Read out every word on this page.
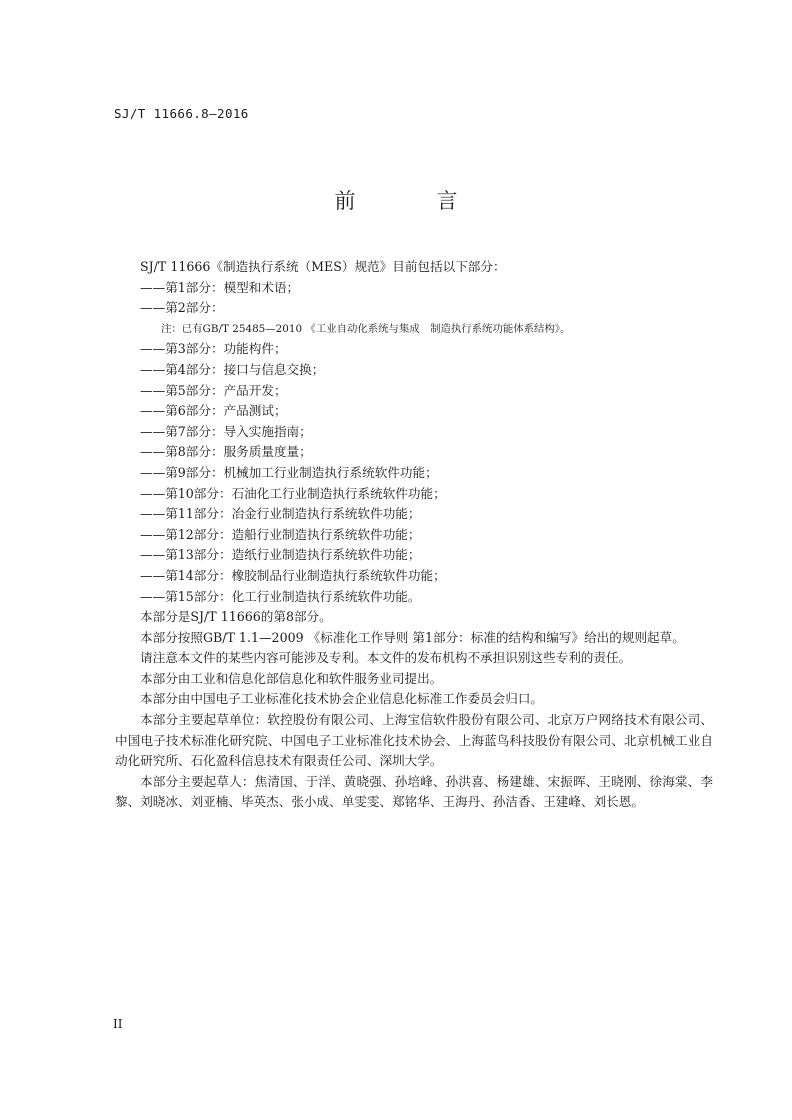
SJ/T 11666.8—2016
前　言
SJ/T 11666《制造执行系统（MES）规范》目前包括以下部分：
——第1部分：模型和术语；
——第2部分：
注：已有GB/T 25485—2010 《工业自动化系统与集成　制造执行系统功能体系结构》。
——第3部分：功能构件；
——第4部分：接口与信息交换；
——第5部分：产品开发；
——第6部分：产品测试；
——第7部分：导入实施指南；
——第8部分：服务质量度量；
——第9部分：机械加工行业制造执行系统软件功能；
——第10部分：石油化工行业制造执行系统软件功能；
——第11部分：冶金行业制造执行系统软件功能；
——第12部分：造船行业制造执行系统软件功能；
——第13部分：造纸行业制造执行系统软件功能；
——第14部分：橡胶制品行业制造执行系统软件功能；
——第15部分：化工行业制造执行系统软件功能。
本部分是SJ/T 11666的第8部分。
本部分按照GB/T 1.1—2009 《标准化工作导则 第1部分：标准的结构和编写》给出的规则起草。
请注意本文件的某些内容可能涉及专利。本文件的发布机构不承担识别这些专利的责任。
本部分由工业和信息化部信息化和软件服务业司提出。
本部分由中国电子工业标准化技术协会企业信息化标准工作委员会归口。
本部分主要起草单位：软控股份有限公司、上海宝信软件股份有限公司、北京万户网络技术有限公司、中国电子技术标准化研究院、中国电子工业标准化技术协会、上海蓝鸟科技股份有限公司、北京机械工业自动化研究所、石化盈科信息技术有限责任公司、深圳大学。
本部分主要起草人：焦清国、于洋、黄晓强、孙培峰、孙洪喜、杨建雄、宋振晖、王晓刚、徐海棠、李黎、刘晓冰、刘亚楠、毕英杰、张小成、单雯雯、郑铭华、王海丹、孙洁香、王建峰、刘长恩。
II
